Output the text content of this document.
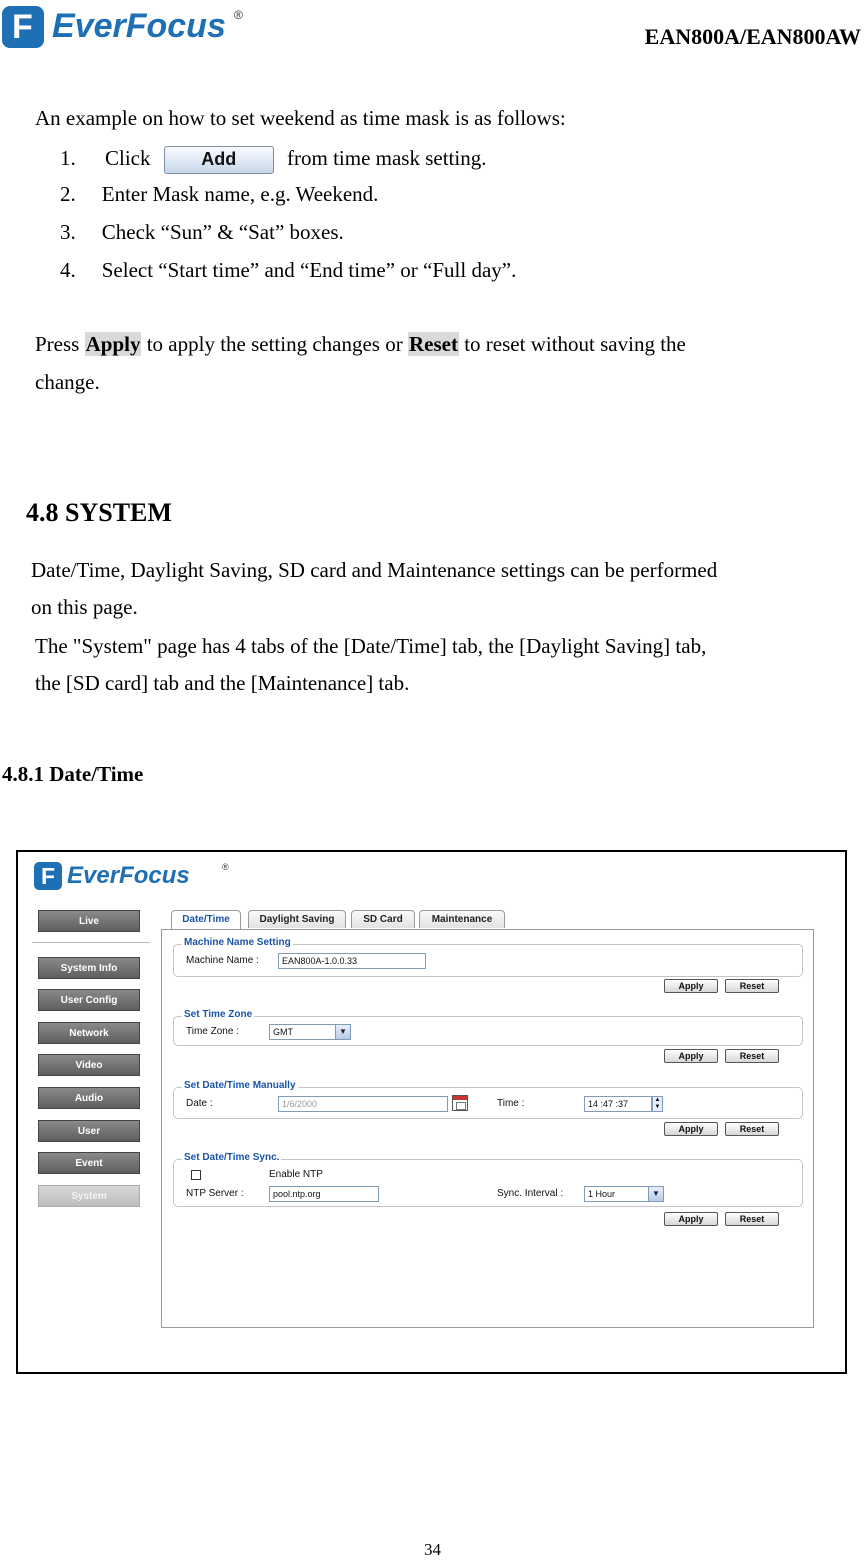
F EverFocus ®
EAN800A/EAN800AW
An example on how to set weekend as time mask is as follows:
1. Click	Add from time mask setting.
2. Enter Mask name, e.g. Weekend.
3. Check “Sun” & “Sat” boxes.
4. Select “Start time” and “End time” or “Full day”.
Press Apply to apply the setting changes or Reset to reset without saving the
change.
4.8 SYSTEM
Date/Time, Daylight Saving, SD card and Maintenance settings can be performed
on this page.
The "System" page has 4 tabs of the [Date/Time] tab, the [Daylight Saving] tab,
the [SD card] tab and the [Maintenance] tab.
4.8.1 Date/Time
F EverFocus	®
Live
System Info
User Config
Network
Video
Audio
User
Event
System
Date/Time	Daylight Saving	SD Card	Maintenance
Machine Name Setting
Machine Name :	EAN800A-1.0.0.33
Apply	Reset
Set Time Zone
Time Zone :	GMT	▼
Apply	Reset
Set Date/Time Manually
Date :	1/6/2000	Time :	14 :47 :37	▲
▼
Apply	Reset
Set Date/Time Sync.
Enable NTP
NTP Server :	pool.ntp.org	Sync. Interval :	1 Hour	▼
Apply	Reset
34
